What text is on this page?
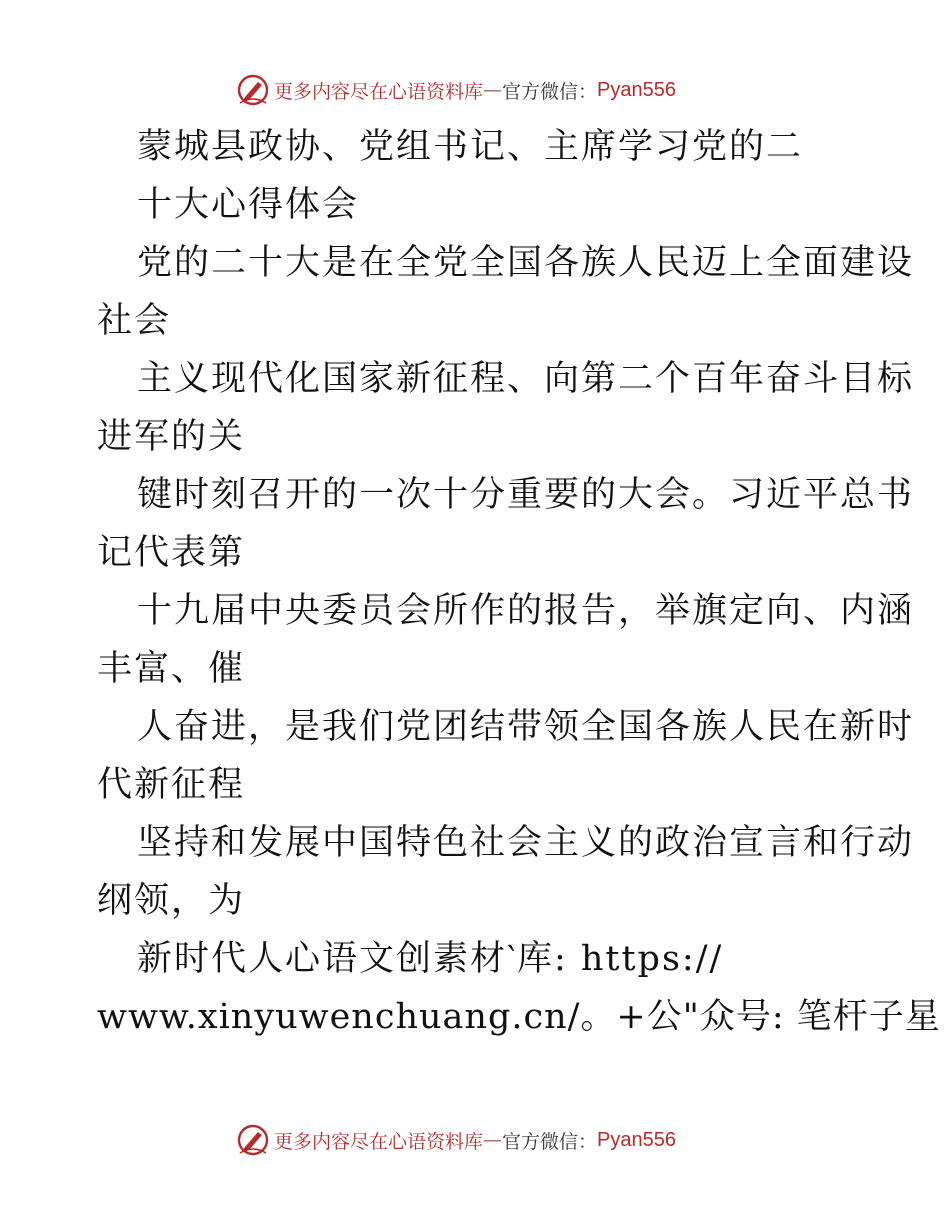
更多内容尽在心语资料库 — 官方微信： Pyan556
蒙城县政协、党组书记、主席学习党的二
十大心得体会
党的二十大是在全党全国各族人民迈上全面建设
社会
主义现代化国家新征程、向第二个百年奋斗目标
进军的关
键时刻召开的一次十分重要的大会。习近平总书
记代表第
十九届中央委员会所作的报告，举旗定向、内涵
丰富、催
人奋进，是我们党团结带领全国各族人民在新时
代新征程
坚持和发展中国特色社会主义的政治宣言和行动
纲领，为
新时代人心语文创素材‵库: https://
www.xinyuwenchuang.cn/。+公"众号: 笔杆子星
更多内容尽在心语资料库 — 官方微信： Pyan556
